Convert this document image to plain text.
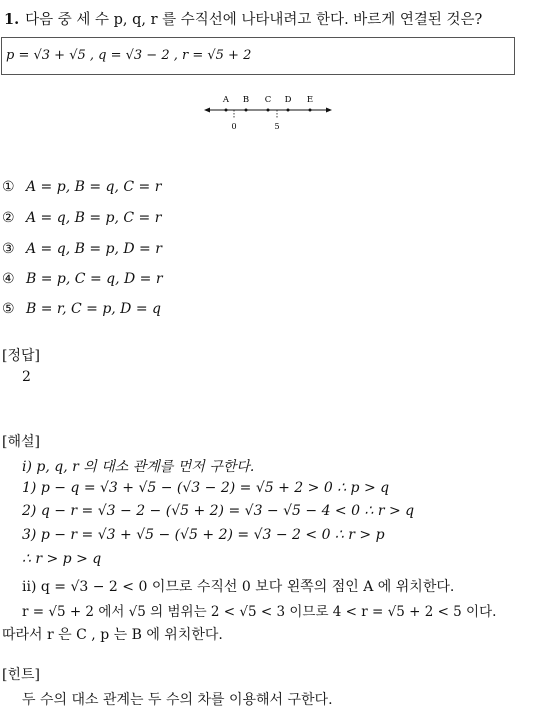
1. 다음 중 세 수 p, q, r 를 수직선에 나타내려고 한다. 바르게 연결된 것은?
p = √3 + √5 , q = √3 − 2 , r = √5 + 2
A B C D E
0	5
① A = p, B = q, C = r
② A = q, B = p, C = r
③ A = q, B = p, D = r
④ B = p, C = q, D = r
⑤ B = r, C = p, D = q
[정답]
2
[해설]
i) p, q, r 의 대소 관계를 먼저 구한다.
1) p − q = √3 + √5 − (√3 − 2) = √5 + 2 > 0 ∴ p > q
2) q − r = √3 − 2 − (√5 + 2) = √3 − √5 − 4 < 0 ∴ r > q
3) p − r = √3 + √5 − (√5 + 2) = √3 − 2 < 0 ∴ r > p
∴ r > p > q
ii) q = √3 − 2 < 0 이므로 수직선 0 보다 왼쪽의 점인 A 에 위치한다.
r = √5 + 2 에서 √5 의 범위는 2 < √5 < 3 이므로 4 < r = √5 + 2 < 5 이다.
따라서 r 은 C , p 는 B 에 위치한다.
[힌트]
두 수의 대소 관계는 두 수의 차를 이용해서 구한다.
